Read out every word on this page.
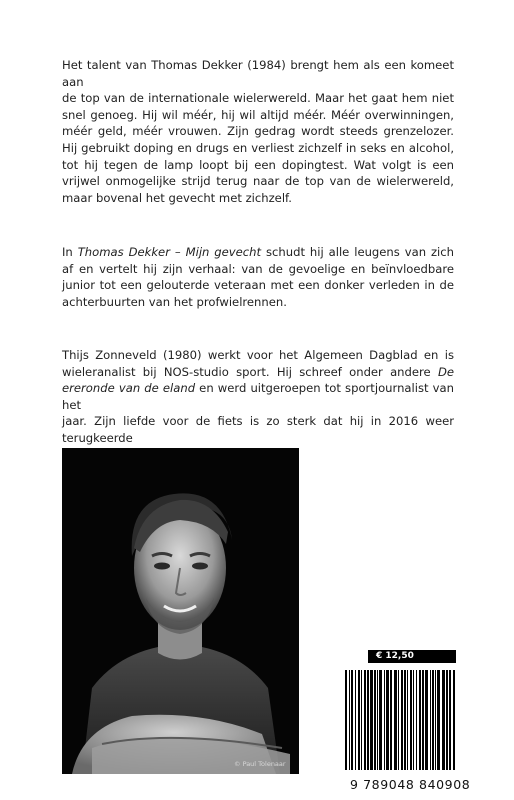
Het talent van Thomas Dekker (1984) brengt hem als een komeet aan
de top van de internationale wielerwereld. Maar het gaat hem niet
snel genoeg. Hij wil méér, hij wil altijd méér. Méér overwinningen,
méér geld, méér vrouwen. Zijn gedrag wordt steeds grenzelozer.
Hij gebruikt doping en drugs en verliest zichzelf in seks en alcohol,
tot hij tegen de lamp loopt bij een dopingtest. Wat volgt is een
vrijwel onmogelijke strijd terug naar de top van de wielerwereld,
maar bovenal het gevecht met zichzelf.
In Thomas Dekker – Mijn gevecht schudt hij alle leugens van zich
af en vertelt hij zijn verhaal: van de gevoelige en beïnvloedbare
junior tot een gelouterde veteraan met een donker verleden in de
achterbuurten van het profwielrennen.
Thijs Zonneveld (1980) werkt voor het Algemeen Dagblad en is
wieleranalist bij NOS-studio sport. Hij schreef onder andere De
ereronde van de eland en werd uitgeroepen tot sportjournalist van het
jaar. Zijn liefde voor de fiets is zo sterk dat hij in 2016 weer terugkeerde
© Paul Tolenaar
€ 12,50
9 789048 840908
